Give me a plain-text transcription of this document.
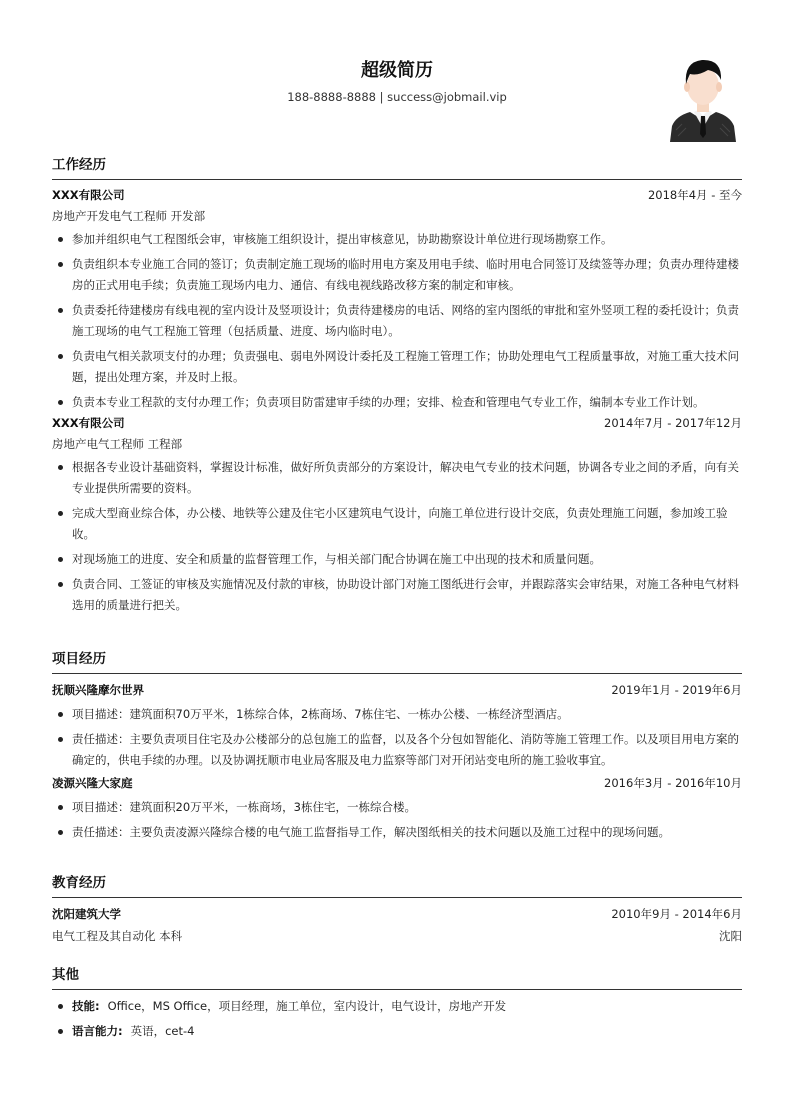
超级简历
188-8888-8888 | success@jobmail.vip
工作经历
XXX有限公司	2018年4月 - 至今
房地产开发电气工程师 开发部
参加并组织电气工程图纸会审，审核施工组织设计，提出审核意见，协助勘察设计单位进行现场勘察工作。
负责组织本专业施工合同的签订；负责制定施工现场的临时用电方案及用电手续、临时用电合同签订及续签等办理；负责办理待建楼房的正式用电手续；负责施工现场内电力、通信、有线电视线路改移方案的制定和审核。
负责委托待建楼房有线电视的室内设计及竖项设计；负责待建楼房的电话、网络的室内图纸的审批和室外竖项工程的委托设计；负责施工现场的电气工程施工管理（包括质量、进度、场内临时电）。
负责电气相关款项支付的办理；负责强电、弱电外网设计委托及工程施工管理工作；协助处理电气工程质量事故，对施工重大技术问题，提出处理方案，并及时上报。
负责本专业工程款的支付办理工作；负责项目防雷建审手续的办理；安排、检查和管理电气专业工作，编制本专业工作计划。
XXX有限公司	2014年7月 - 2017年12月
房地产电气工程师 工程部
根据各专业设计基础资料，掌握设计标准，做好所负责部分的方案设计，解决电气专业的技术问题，协调各专业之间的矛盾，向有关专业提供所需要的资料。
完成大型商业综合体，办公楼、地铁等公建及住宅小区建筑电气设计，向施工单位进行设计交底，负责处理施工问题，参加竣工验收。
对现场施工的进度、安全和质量的监督管理工作，与相关部门配合协调在施工中出现的技术和质量问题。
负责合同、工签证的审核及实施情况及付款的审核，协助设计部门对施工图纸进行会审，并跟踪落实会审结果，对施工各种电气材料选用的质量进行把关。
项目经历
抚顺兴隆摩尔世界	2019年1月 - 2019年6月
项目描述：建筑面积70万平米，1栋综合体，2栋商场、7栋住宅、一栋办公楼、一栋经济型酒店。
责任描述：主要负责项目住宅及办公楼部分的总包施工的监督，以及各个分包如智能化、消防等施工管理工作。以及项目用电方案的确定的，供电手续的办理。以及协调抚顺市电业局客服及电力监察等部门对开闭站变电所的施工验收事宜。
凌源兴隆大家庭	2016年3月 - 2016年10月
项目描述：建筑面积20万平米，一栋商场，3栋住宅，一栋综合楼。
责任描述：主要负责凌源兴隆综合楼的电气施工监督指导工作，解决图纸相关的技术问题以及施工过程中的现场问题。
教育经历
沈阳建筑大学	2010年9月 - 2014年6月
电气工程及其自动化 本科	沈阳
其他
技能: Office，MS Office，项目经理，施工单位，室内设计，电气设计，房地产开发
语言能力: 英语，cet-4
